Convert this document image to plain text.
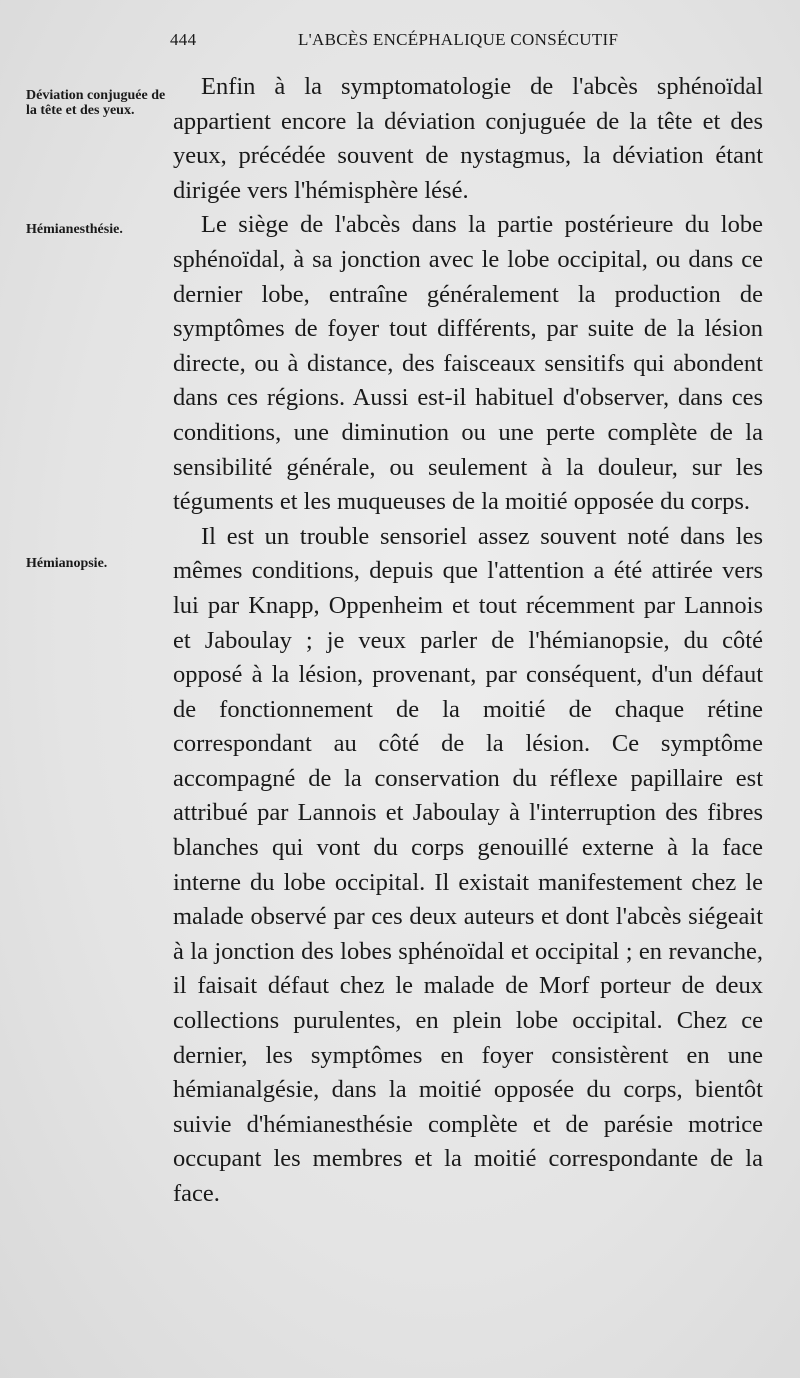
444	L'ABCÈS ENCÉPHALIQUE CONSÉCUTIF
Déviation conjuguée de la tête et des yeux.
Hémianesthésie.
Hémianopsie.

Enfin à la symptomatologie de l'abcès sphénoïdal appartient encore la déviation conjuguée de la tête et des yeux, précédée souvent de nystagmus, la déviation étant dirigée vers l'hémisphère lésé.

Le siège de l'abcès dans la partie postérieure du lobe sphénoïdal, à sa jonction avec le lobe occipital, ou dans ce dernier lobe, entraîne généralement la production de symptômes de foyer tout différents, par suite de la lésion directe, ou à distance, des faisceaux sensitifs qui abondent dans ces régions. Aussi est-il habituel d'observer, dans ces conditions, une diminution ou une perte complète de la sensibilité générale, ou seulement à la douleur, sur les téguments et les muqueuses de la moitié opposée du corps.

Il est un trouble sensoriel assez souvent noté dans les mêmes conditions, depuis que l'attention a été attirée vers lui par Knapp, Oppenheim et tout récemment par Lannois et Jaboulay ; je veux parler de l'hémianopsie, du côté opposé à la lésion, provenant, par conséquent, d'un défaut de fonctionnement de la moitié de chaque rétine correspondant au côté de la lésion. Ce symptôme accompagné de la conservation du réflexe papillaire est attribué par Lannois et Jaboulay à l'interruption des fibres blanches qui vont du corps genouillé externe à la face interne du lobe occipital. Il existait manifestement chez le malade observé par ces deux auteurs et dont l'abcès siégeait à la jonction des lobes sphénoïdal et occipital ; en revanche, il faisait défaut chez le malade de Morf porteur de deux collections purulentes, en plein lobe occipital. Chez ce dernier, les symptômes en foyer consistèrent en une hémianalgésie, dans la moitié opposée du corps, bientôt suivie d'hémianesthésie complète et de parésie motrice occupant les membres et la moitié correspondante de la face.
